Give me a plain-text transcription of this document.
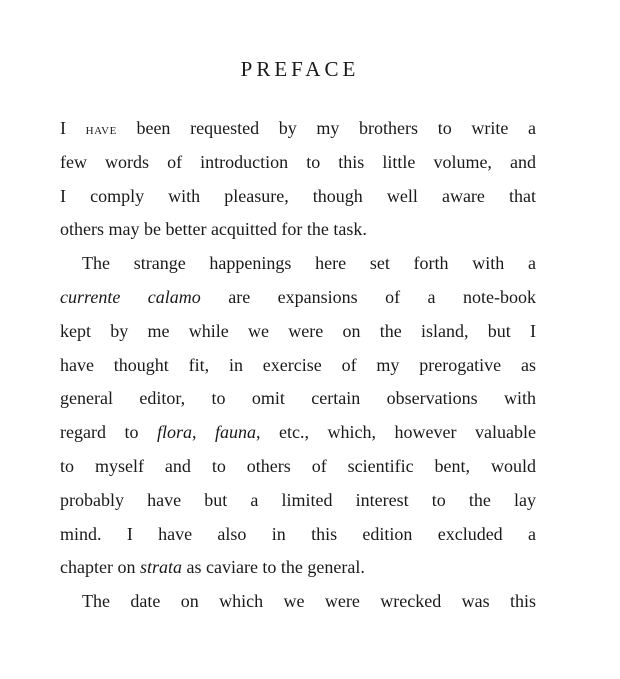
PREFACE
I have been requested by my brothers to write a
few words of introduction to this little volume, and
I comply with pleasure, though well aware that
others may be better acquitted for the task.
The strange happenings here set forth with a
currente calamo are expansions of a note-book
kept by me while we were on the island, but I
have thought fit, in exercise of my prerogative as
general editor, to omit certain observations with
regard to flora, fauna, etc., which, however valuable
to myself and to others of scientific bent, would
probably have but a limited interest to the lay
mind. I have also in this edition excluded a
chapter on strata as caviare to the general.
The date on which we were wrecked was this
